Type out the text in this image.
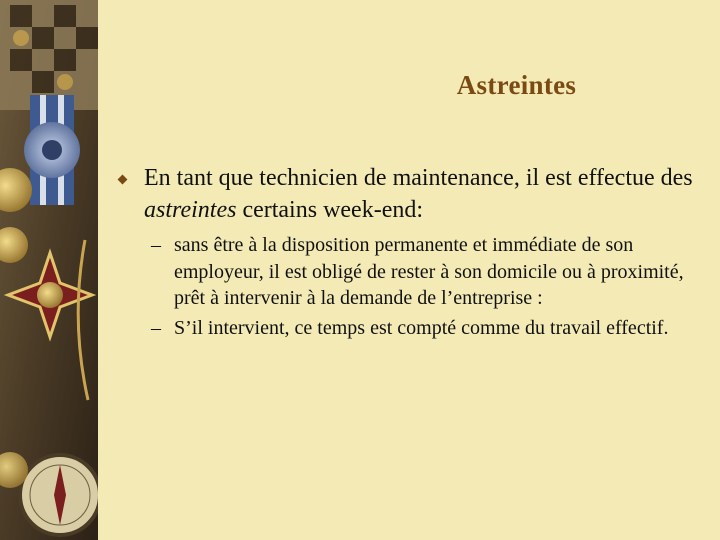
Astreintes
En tant que technicien de maintenance, il est effectue des astreintes certains week-end:
– sans être à la disposition permanente et immédiate de son employeur, il est obligé de rester à son domicile ou à proximité, prêt à intervenir à la demande de l’entreprise :
– S’il intervient, ce temps est compté comme du travail effectif.
